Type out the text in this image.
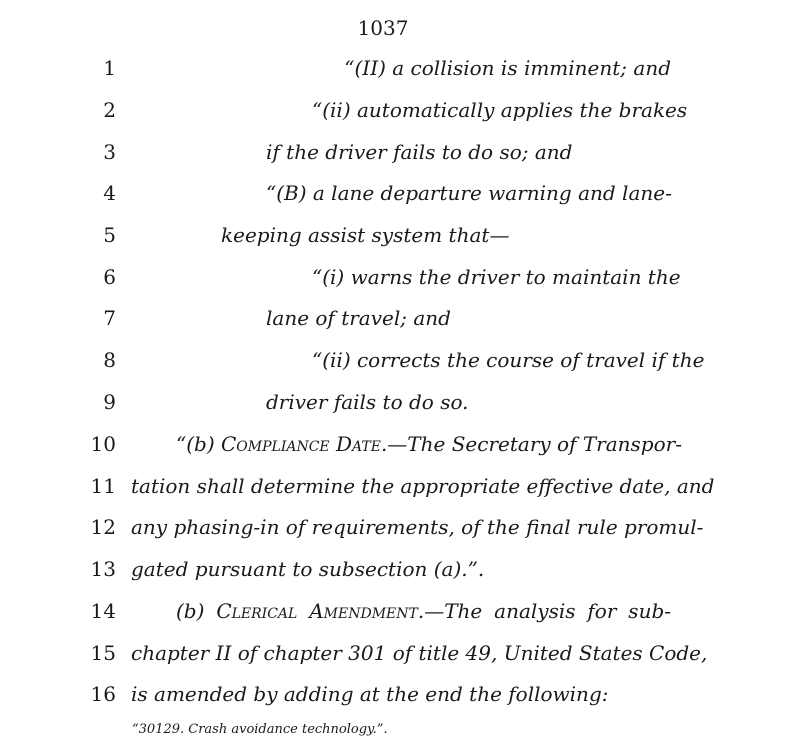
1037
1	“(II) a collision is imminent; and
2	“(ii) automatically applies the brakes
3	if the driver fails to do so; and
4	“(B) a lane departure warning and lane-
5	keeping assist system that—
6	“(i) warns the driver to maintain the
7	lane of travel; and
8	“(ii) corrects the course of travel if the
9	driver fails to do so.
10	“(b) Compliance Date.—The Secretary of Transpor-
11 tation shall determine the appropriate effective date, and
12 any phasing-in of requirements, of the final rule promul-
13 gated pursuant to subsection (a).”.
14	(b) Clerical Amendment.—The analysis for sub-
15 chapter II of chapter 301 of title 49, United States Code,
16 is amended by adding at the end the following:
“30129. Crash avoidance technology.”.
